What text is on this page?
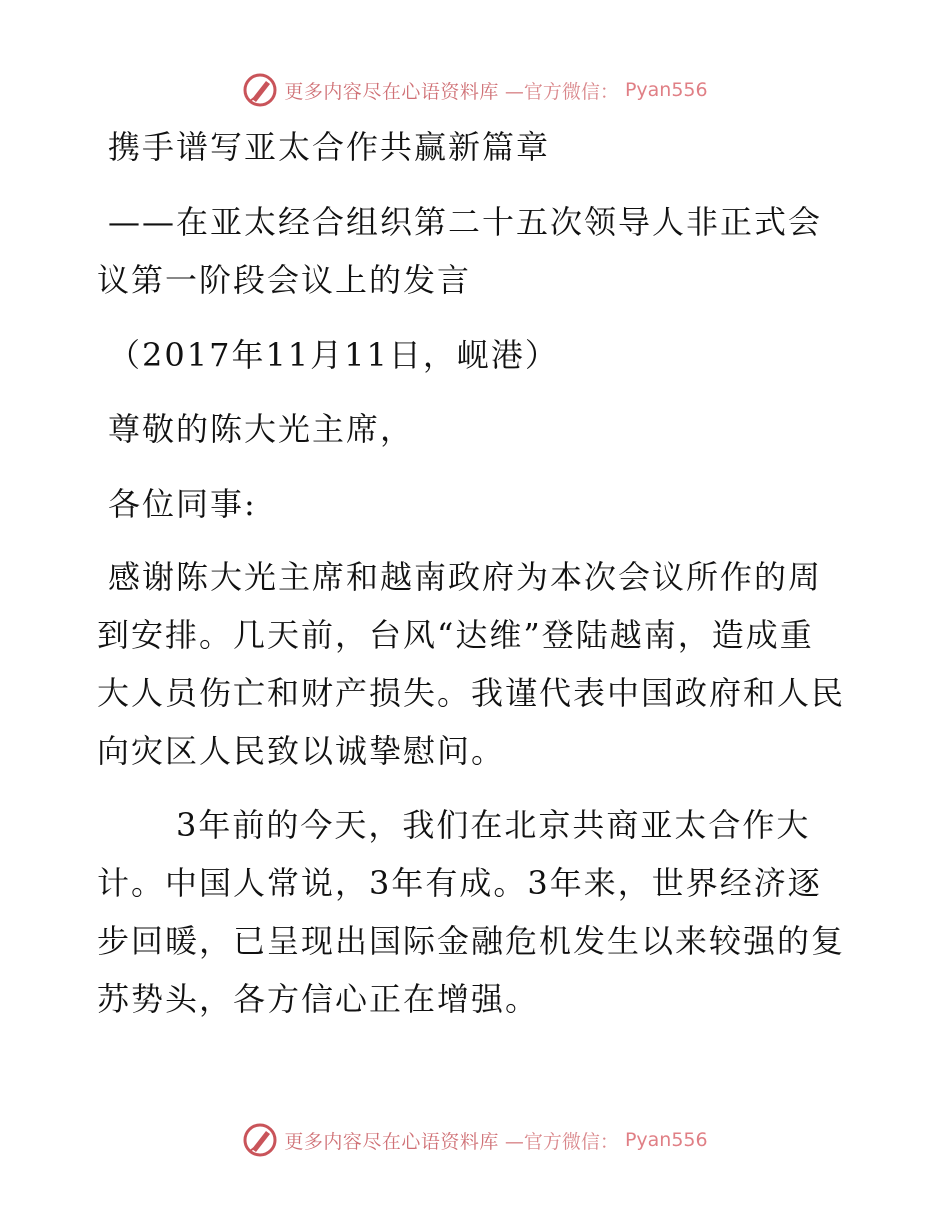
更多内容尽在心语资料库 —官方微信： Pyan556
携手谱写亚太合作共赢新篇章
——在亚太经合组织第二十五次领导人非正式会
议第一阶段会议上的发言
（2017年11月11日，岘港）
尊敬的陈大光主席，
各位同事:
感谢陈大光主席和越南政府为本次会议所作的周
到安排。几天前，台风“达维”登陆越南，造成重
大人员伤亡和财产损失。我谨代表中国政府和人民
向灾区人民致以诚挚慰问。
3年前的今天，我们在北京共商亚太合作大
计。中国人常说，3年有成。3年来，世界经济逐
步回暖，已呈现出国际金融危机发生以来较强的复
苏势头，各方信心正在增强。
更多内容尽在心语资料库 —官方微信： Pyan556
